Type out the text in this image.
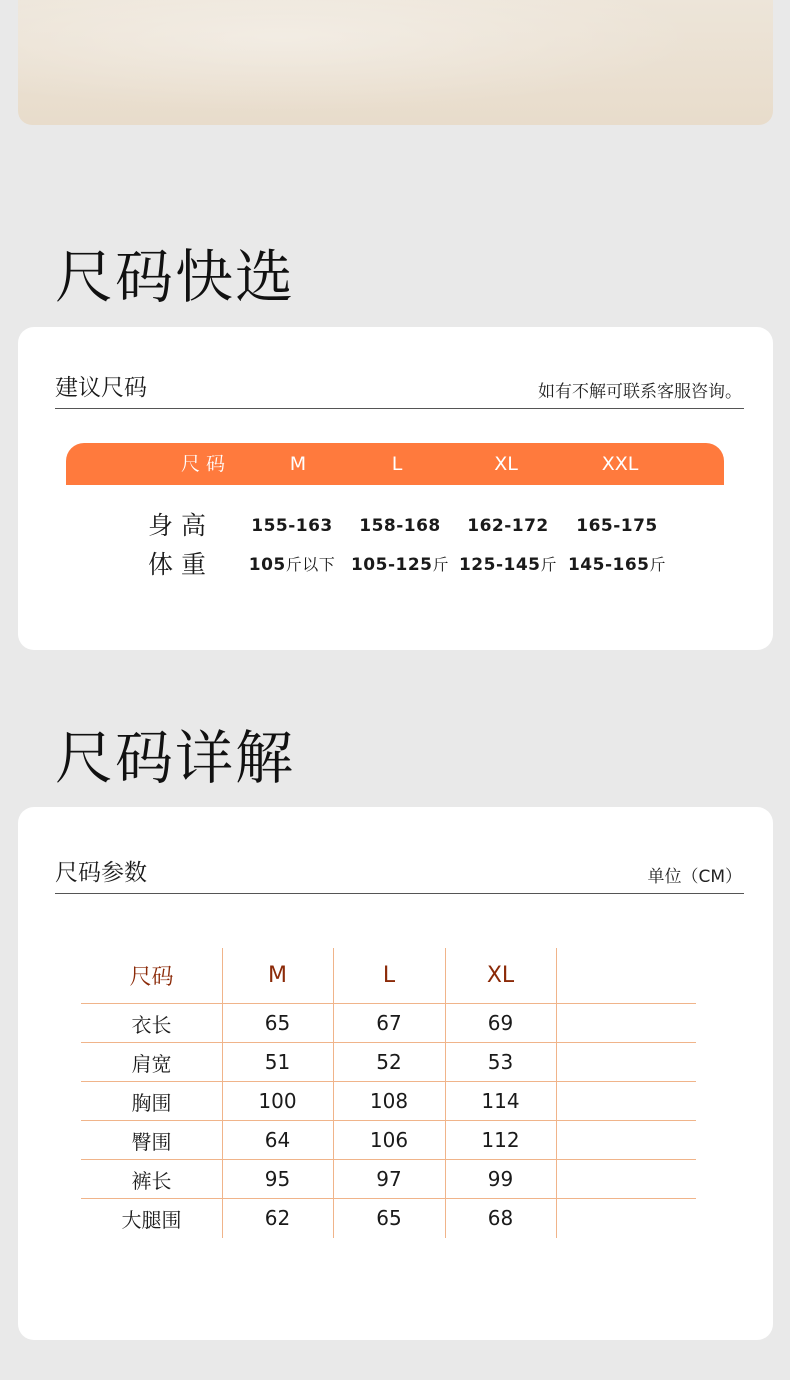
尺码快选
建议尺码	如有不解可联系客服咨询。
尺 码	M	L	XL	XXL
身高 155-163 158-168 162-172 165-175
体重 105斤以下 105-125斤 125-145斤 145-165斤
尺码详解
尺码参数	单位（CM）
尺码	M	L	XL
衣长	65	67	69
肩宽	51	52	53
胸围	100	108	114
臀围	64	106	112
裤长	95	97	99
大腿围	62	65	68
